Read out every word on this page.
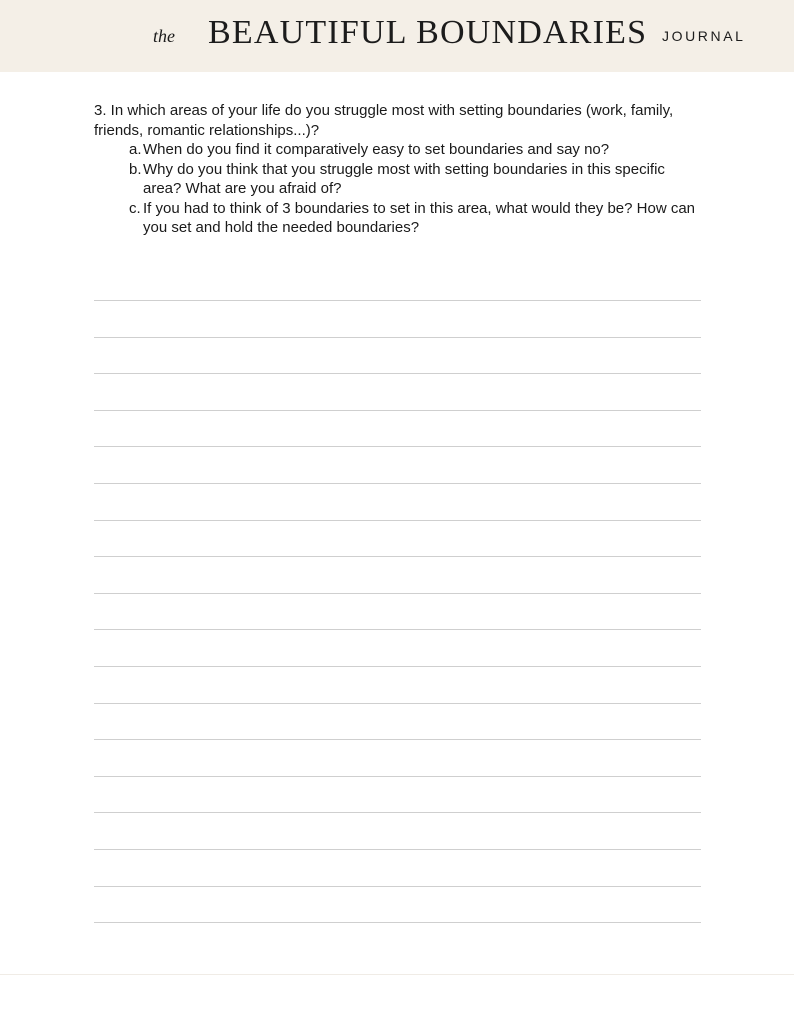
the BEAUTIFUL BOUNDARIES JOURNAL

3. In which areas of your life do you struggle most with setting boundaries (work, family, friends, romantic relationships...)?

a. When do you find it comparatively easy to set boundaries and say no?
b. Why do you think that you struggle most with setting boundaries in this specific area? What are you afraid of?
c. If you had to think of 3 boundaries to set in this area, what would they be? How can you set and hold the needed boundaries?
